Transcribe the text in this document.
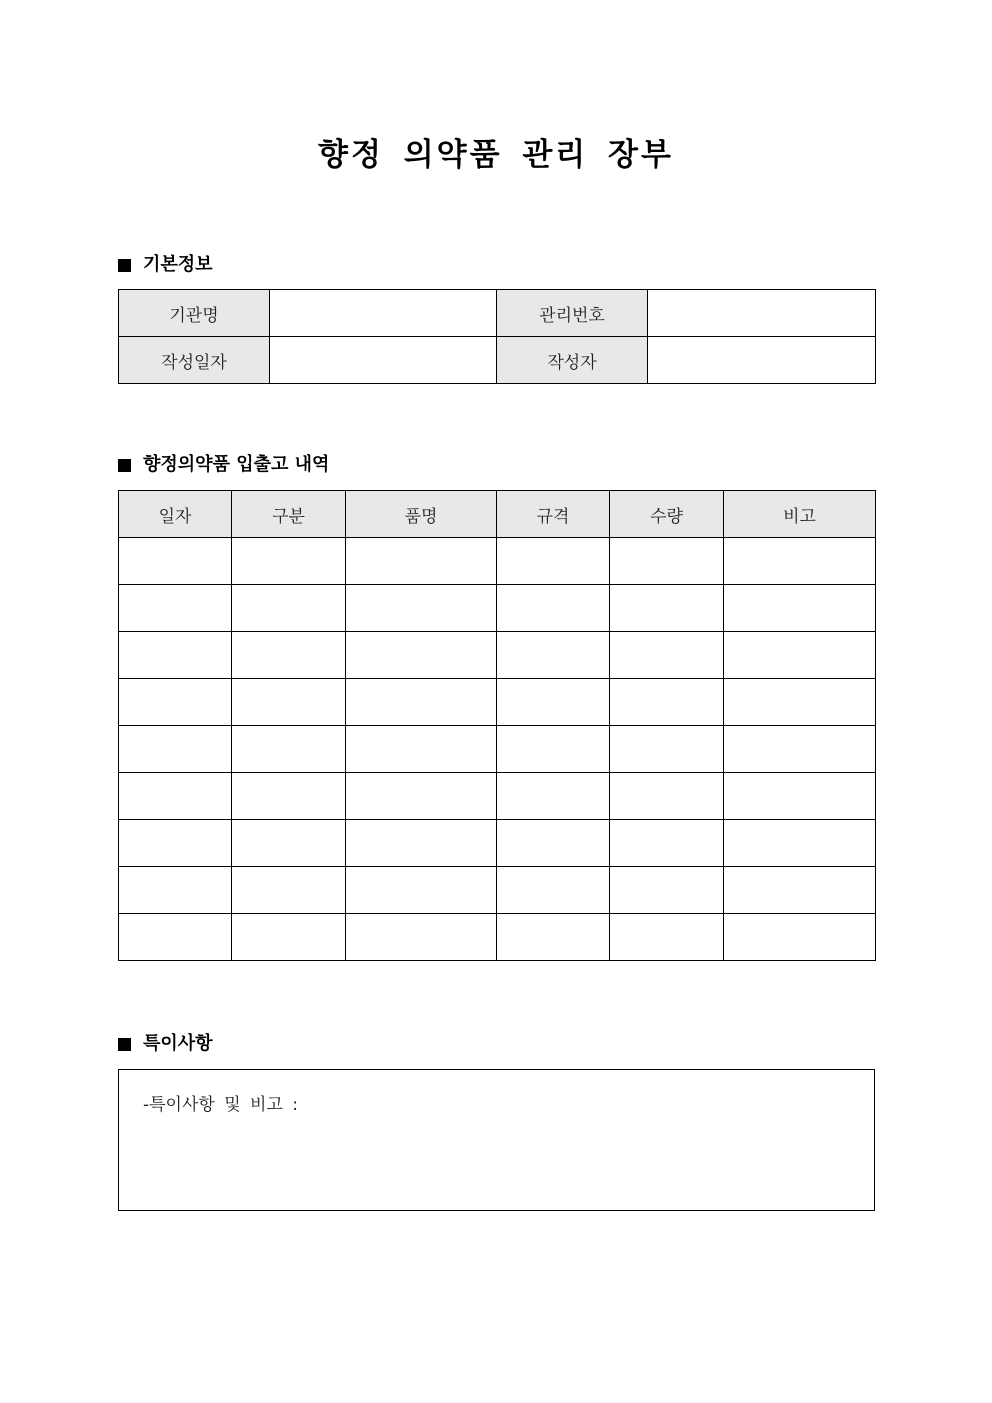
향정 의약품 관리 장부
기본정보
기관명		관리번호	
작성일자		작성자	
향정의약품 입출고 내역
일자	구분	품명	규격	수량	비고

특이사항
-특이사항 및 비고 :
